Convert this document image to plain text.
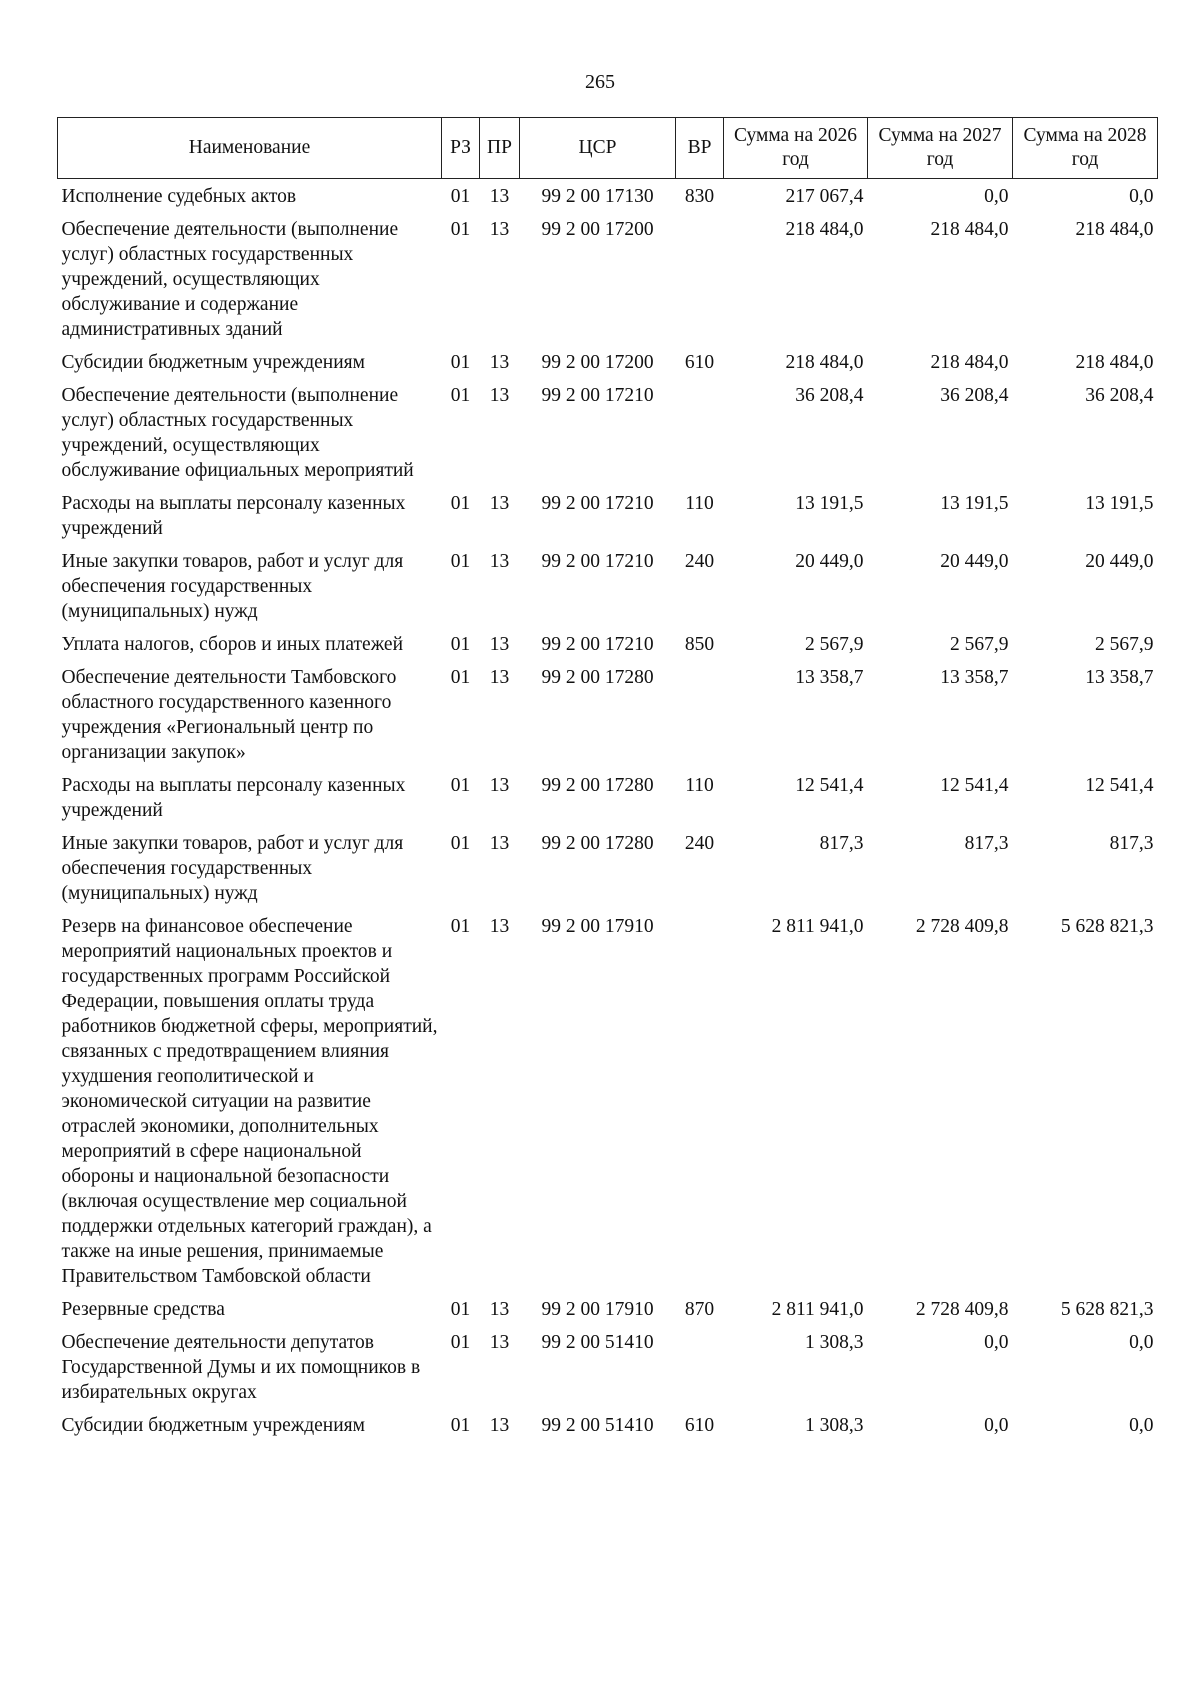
265
Наименование	РЗ	ПР	ЦСР	ВР	Сумма на 2026 год	Сумма на 2027 год	Сумма на 2028 год
Исполнение судебных актов	01	13	99 2 00 17130	830	217 067,4	0,0	0,0
Обеспечение деятельности (выполнение услуг) областных государственных учреждений, осуществляющих обслуживание и содержание административных зданий	01	13	99 2 00 17200		218 484,0	218 484,0	218 484,0
Субсидии бюджетным учреждениям	01	13	99 2 00 17200	610	218 484,0	218 484,0	218 484,0
Обеспечение деятельности (выполнение услуг) областных государственных учреждений, осуществляющих обслуживание официальных мероприятий	01	13	99 2 00 17210		36 208,4	36 208,4	36 208,4
Расходы на выплаты персоналу казенных учреждений	01	13	99 2 00 17210	110	13 191,5	13 191,5	13 191,5
Иные закупки товаров, работ и услуг для обеспечения государственных (муниципальных) нужд	01	13	99 2 00 17210	240	20 449,0	20 449,0	20 449,0
Уплата налогов, сборов и иных платежей	01	13	99 2 00 17210	850	2 567,9	2 567,9	2 567,9
Обеспечение деятельности Тамбовского областного государственного казенного учреждения «Региональный центр по организации закупок»	01	13	99 2 00 17280		13 358,7	13 358,7	13 358,7
Расходы на выплаты персоналу казенных учреждений	01	13	99 2 00 17280	110	12 541,4	12 541,4	12 541,4
Иные закупки товаров, работ и услуг для обеспечения государственных (муниципальных) нужд	01	13	99 2 00 17280	240	817,3	817,3	817,3
Резерв на финансовое обеспечение мероприятий национальных проектов и государственных программ Российской Федерации, повышения оплаты труда работников бюджетной сферы, мероприятий, связанных с предотвращением влияния ухудшения геополитической и экономической ситуации на развитие отраслей экономики, дополнительных мероприятий в сфере национальной обороны и национальной безопасности (включая осуществление мер социальной поддержки отдельных категорий граждан), а также на иные решения, принимаемые Правительством Тамбовской области	01	13	99 2 00 17910		2 811 941,0	2 728 409,8	5 628 821,3
Резервные средства	01	13	99 2 00 17910	870	2 811 941,0	2 728 409,8	5 628 821,3
Обеспечение деятельности депутатов Государственной Думы и их помощников в избирательных округах	01	13	99 2 00 51410		1 308,3	0,0	0,0
Субсидии бюджетным учреждениям	01	13	99 2 00 51410	610	1 308,3	0,0	0,0
